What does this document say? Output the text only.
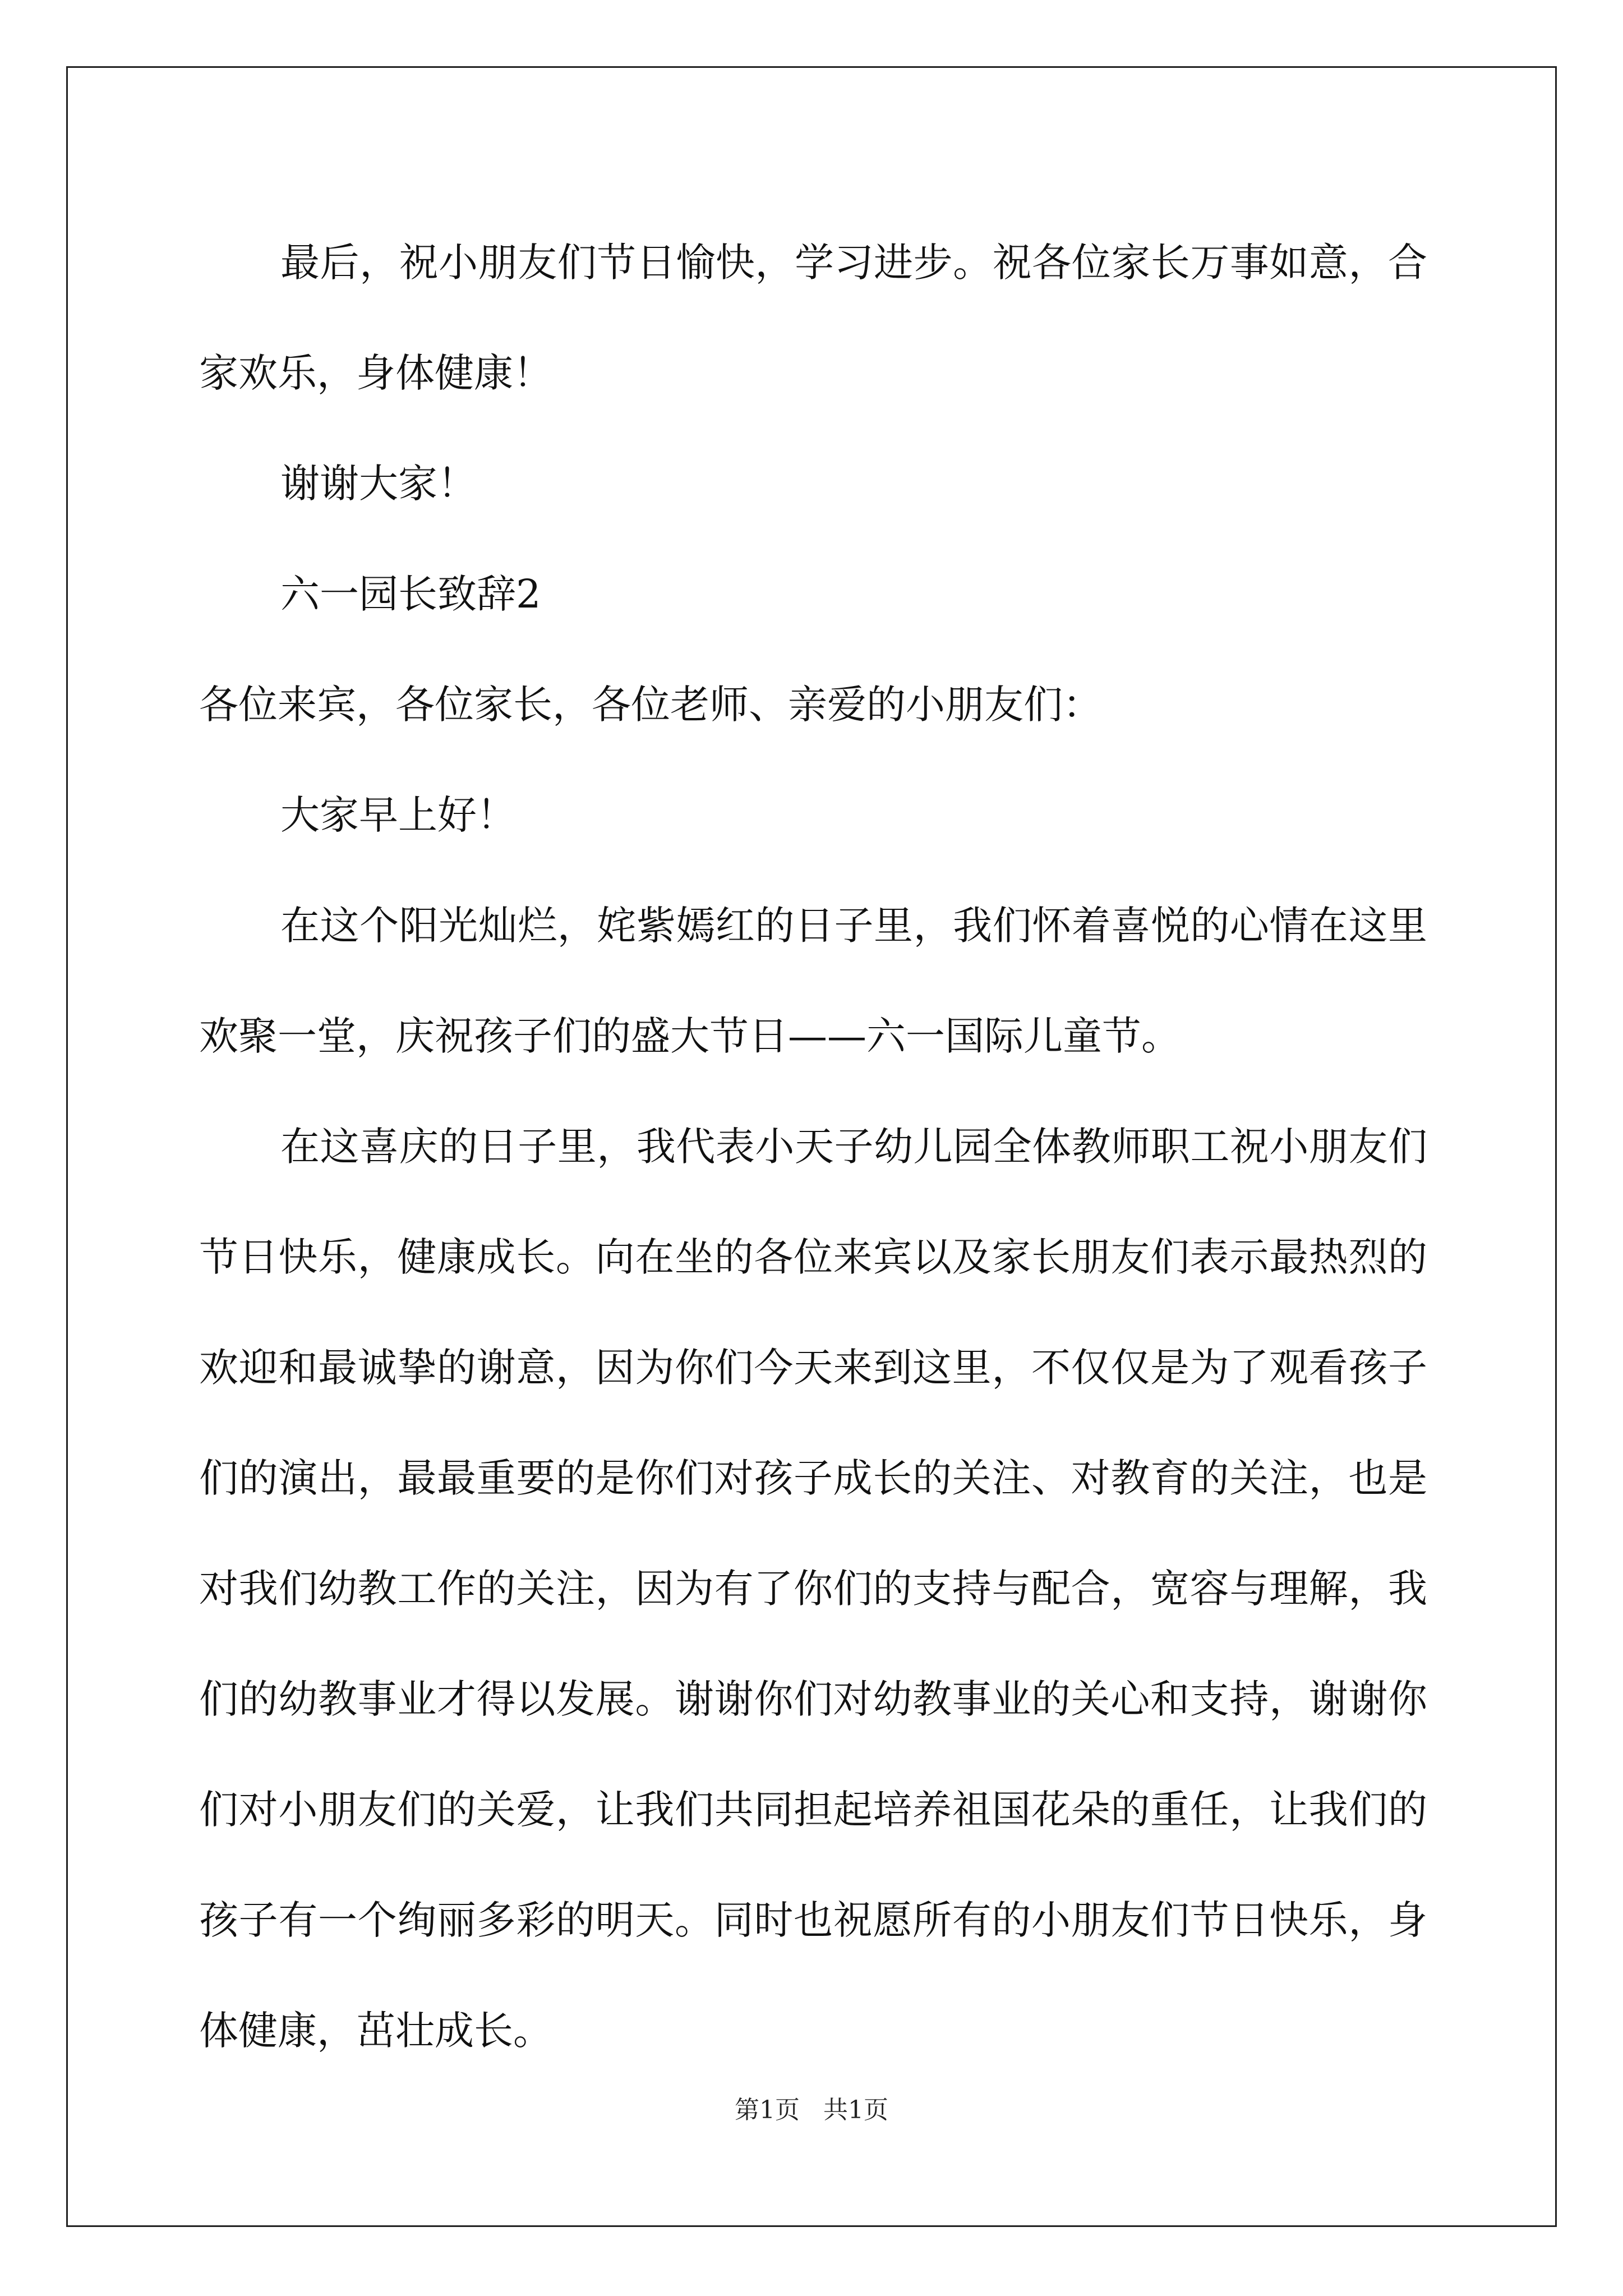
最后，祝小朋友们节日愉快，学习进步。祝各位家长万事如意，合家欢乐，身体健康！

谢谢大家！

六一园长致辞2

各位来宾，各位家长，各位老师、亲爱的小朋友们：

大家早上好！

在这个阳光灿烂，姹紫嫣红的日子里，我们怀着喜悦的心情在这里欢聚一堂，庆祝孩子们的盛大节日——六一国际儿童节。

在这喜庆的日子里，我代表小天子幼儿园全体教师职工祝小朋友们节日快乐，健康成长。向在坐的各位来宾以及家长朋友们表示最热烈的欢迎和最诚挚的谢意，因为你们今天来到这里，不仅仅是为了观看孩子们的演出，最最重要的是你们对孩子成长的关注、对教育的关注，也是对我们幼教工作的关注，因为有了你们的支持与配合，宽容与理解，我们的幼教事业才得以发展。谢谢你们对幼教事业的关心和支持，谢谢你们对小朋友们的关爱，让我们共同担起培养祖国花朵的重任，让我们的孩子有一个绚丽多彩的明天。同时也祝愿所有的小朋友们节日快乐，身体健康，茁壮成长。

第1页 共1页
